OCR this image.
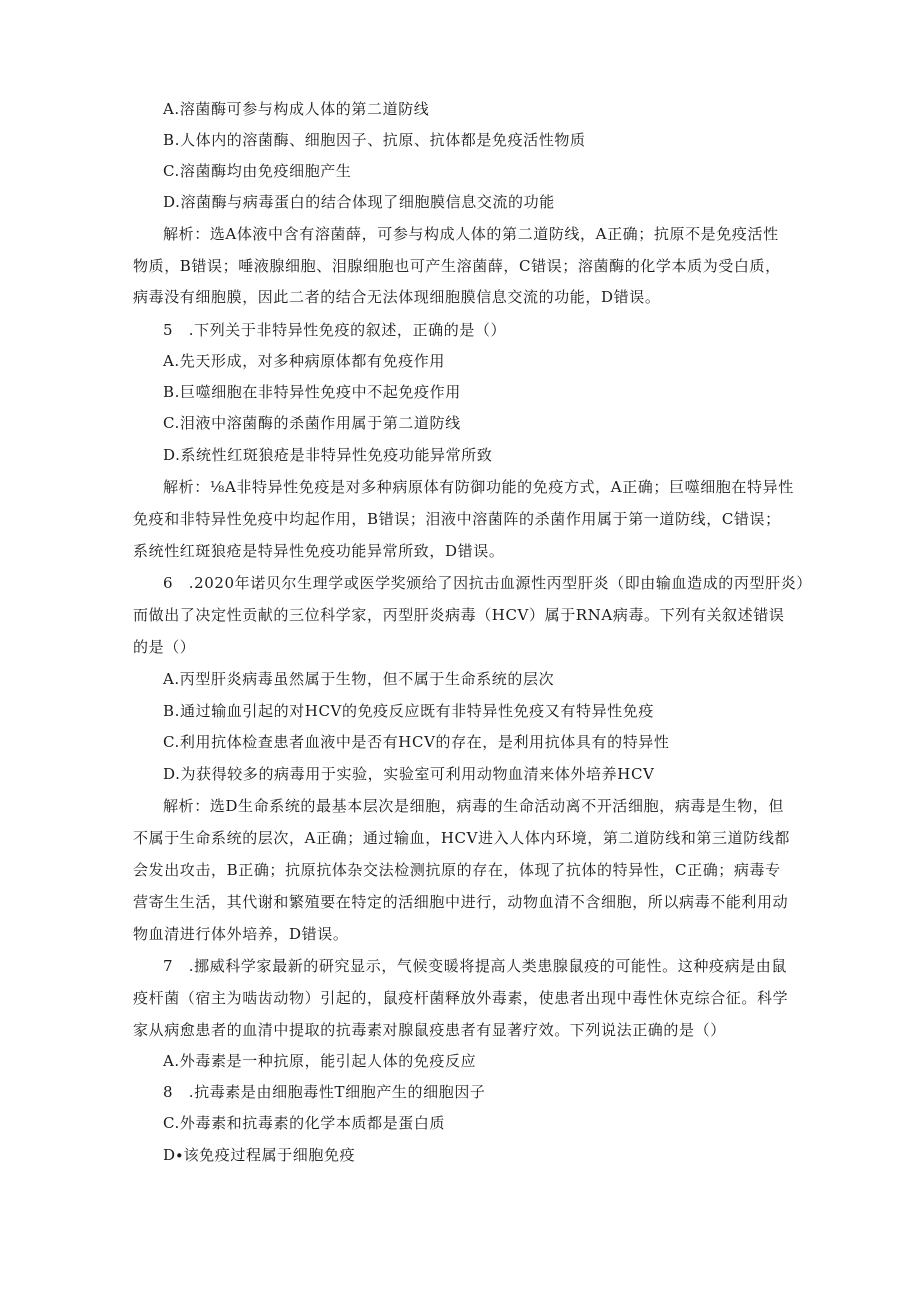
A.溶菌酶可参与构成人体的第二道防线
B.人体内的溶菌酶、细胞因子、抗原、抗体都是免疫活性物质
C.溶菌酶均由免疫细胞产生
D.溶菌酶与病毒蛋白的结合体现了细胞膜信息交流的功能
解析：选A体液中含有溶菌薛，可参与构成人体的第二道防线，A正确；抗原不是免疫活性
物质，B错误；唾液腺细胞、泪腺细胞也可产生溶菌薛，C错误；溶菌酶的化学本质为受白质，
病毒没有细胞膜，因此二者的结合无法体现细胞膜信息交流的功能，D错误。
5　.下列关于非特异性免疫的叙述，正确的是（）
A.先天形成，对多种病原体都有免疫作用
B.巨噬细胞在非特异性免疫中不起免疫作用
C.泪液中溶菌酶的杀菌作用属于第二道防线
D.系统性红斑狼疮是非特异性免疫功能异常所致
解析：⅛A非特异性免疫是对多种病原体有防御功能的免疫方式，A正确；巨噬细胞在特异性
免疫和非特异性免疫中均起作用，B错误；泪液中溶菌阵的杀菌作用属于第一道防线，C错误；
系统性红斑狼疮是特异性免疫功能异常所致，D错误。
6　.2020年诺贝尔生理学或医学奖颁给了因抗击血源性丙型肝炎（即由输血造成的丙型肝炎）
而做出了决定性贡献的三位科学家，丙型肝炎病毒（HCV）属于RNA病毒。下列有关叙述错误
的是（）
A.丙型肝炎病毒虽然属于生物，但不属于生命系统的层次
B.通过输血引起的对HCV的免疫反应既有非特异性免疫又有特异性免疫
C.利用抗体检查患者血液中是否有HCV的存在，是利用抗体具有的特异性
D.为获得较多的病毒用于实验，实验室可利用动物血清来体外培养HCV
解析：选D生命系统的最基本层次是细胞，病毒的生命活动离不开活细胞，病毒是生物，但
不属于生命系统的层次，A正确；通过输血，HCV进入人体内环境，第二道防线和第三道防线都
会发出攻击，B正确；抗原抗体杂交法检测抗原的存在，体现了抗体的特异性，C正确；病毒专
营寄生生活，其代谢和繁殖要在特定的活细胞中进行，动物血清不含细胞，所以病毒不能利用动
物血清进行体外培养，D错误。
7　.挪威科学家最新的研究显示，气候变暖将提高人类患腺鼠疫的可能性。这种疫病是由鼠
疫杆菌（宿主为啮齿动物）引起的，鼠疫杆菌释放外毒素，使患者出现中毒性休克综合征。科学
家从病愈患者的血清中提取的抗毒素对腺鼠疫患者有显著疗效。下列说法正确的是（）
A.外毒素是一种抗原，能引起人体的免疫反应
8　.抗毒素是由细胞毒性T细胞产生的细胞因子
C.外毒素和抗毒素的化学本质都是蛋白质
D∙该免疫过程属于细胞免疫
